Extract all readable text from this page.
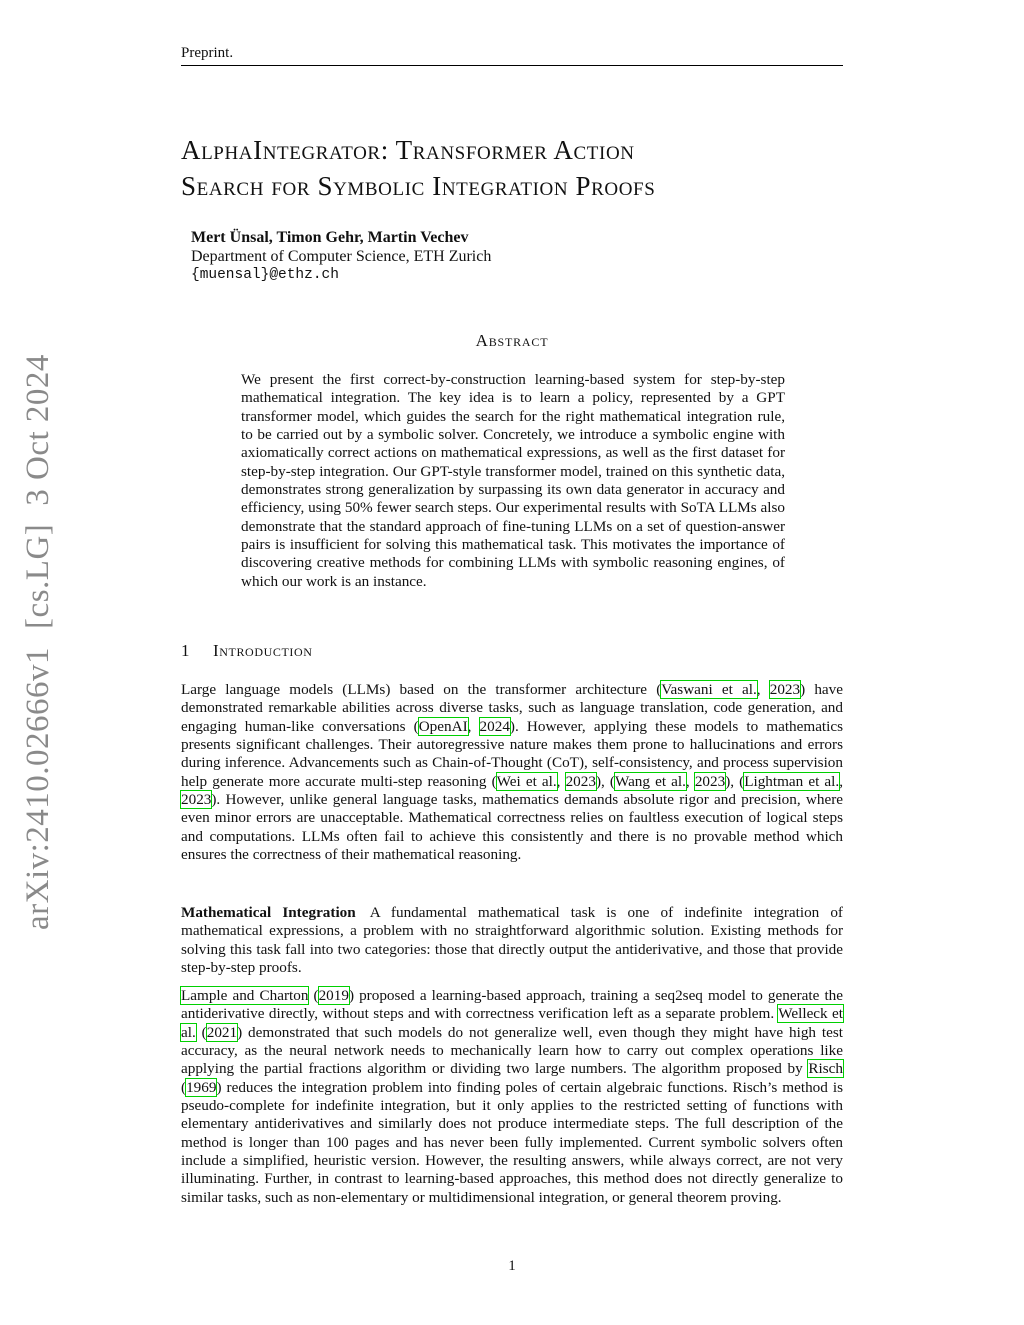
Preprint.
arXiv:2410.02666v1[cs.LG]3 Oct 2024
AlphaIntegrator: Transformer Action
Search for Symbolic Integration Proofs
Mert Ünsal, Timon Gehr, Martin Vechev
Department of Computer Science, ETH Zurich
{muensal}@ethz.ch
Abstract
We present the first correct-by-construction learning-based system for step-by-step mathematical integration. The key idea is to learn a policy, represented by a GPT transformer model, which guides the search for the right mathematical integration rule, to be carried out by a symbolic solver. Concretely, we introduce a symbolic engine with axiomatically correct actions on mathematical expressions, as well as the first dataset for step-by-step integration. Our GPT-style transformer model, trained on this synthetic data, demonstrates strong generalization by surpassing its own data generator in accuracy and efficiency, using 50% fewer search steps. Our experimental results with SoTA LLMs also demonstrate that the standard approach of fine-tuning LLMs on a set of question-answer pairs is insufficient for solving this mathematical task. This motivates the importance of discovering creative methods for combining LLMs with symbolic reasoning engines, of which our work is an instance.
1 Introduction
Large language models (LLMs) based on the transformer architecture (Vaswani et al., 2023) have demonstrated remarkable abilities across diverse tasks, such as language translation, code generation, and engaging human-like conversations (OpenAI, 2024). However, applying these models to mathematics presents significant challenges. Their autoregressive nature makes them prone to hallucinations and errors during inference. Advancements such as Chain-of-Thought (CoT), self-consistency, and process supervision help generate more accurate multi-step reasoning (Wei et al., 2023), (Wang et al., 2023), (Lightman et al., 2023). However, unlike general language tasks, mathematics demands absolute rigor and precision, where even minor errors are unacceptable. Mathematical correctness relies on faultless execution of logical steps and computations. LLMs often fail to achieve this consistently and there is no provable method which ensures the correctness of their mathematical reasoning.
Mathematical Integration A fundamental mathematical task is one of indefinite integration of mathematical expressions, a problem with no straightforward algorithmic solution. Existing methods for solving this task fall into two categories: those that directly output the antiderivative, and those that provide step-by-step proofs.
Lample and Charton (2019) proposed a learning-based approach, training a seq2seq model to generate the antiderivative directly, without steps and with correctness verification left as a separate problem. Welleck et al. (2021) demonstrated that such models do not generalize well, even though they might have high test accuracy, as the neural network needs to mechanically learn how to carry out complex operations like applying the partial fractions algorithm or dividing two large numbers. The algorithm proposed by Risch (1969) reduces the integration problem into finding poles of certain algebraic functions. Risch’s method is pseudo-complete for indefinite integration, but it only applies to the restricted setting of functions with elementary antiderivatives and similarly does not produce intermediate steps. The full description of the method is longer than 100 pages and has never been fully implemented. Current symbolic solvers often include a simplified, heuristic version. However, the resulting answers, while always correct, are not very illuminating. Further, in contrast to learning-based approaches, this method does not directly generalize to similar tasks, such as non-elementary or multidimensional integration, or general theorem proving.
1
